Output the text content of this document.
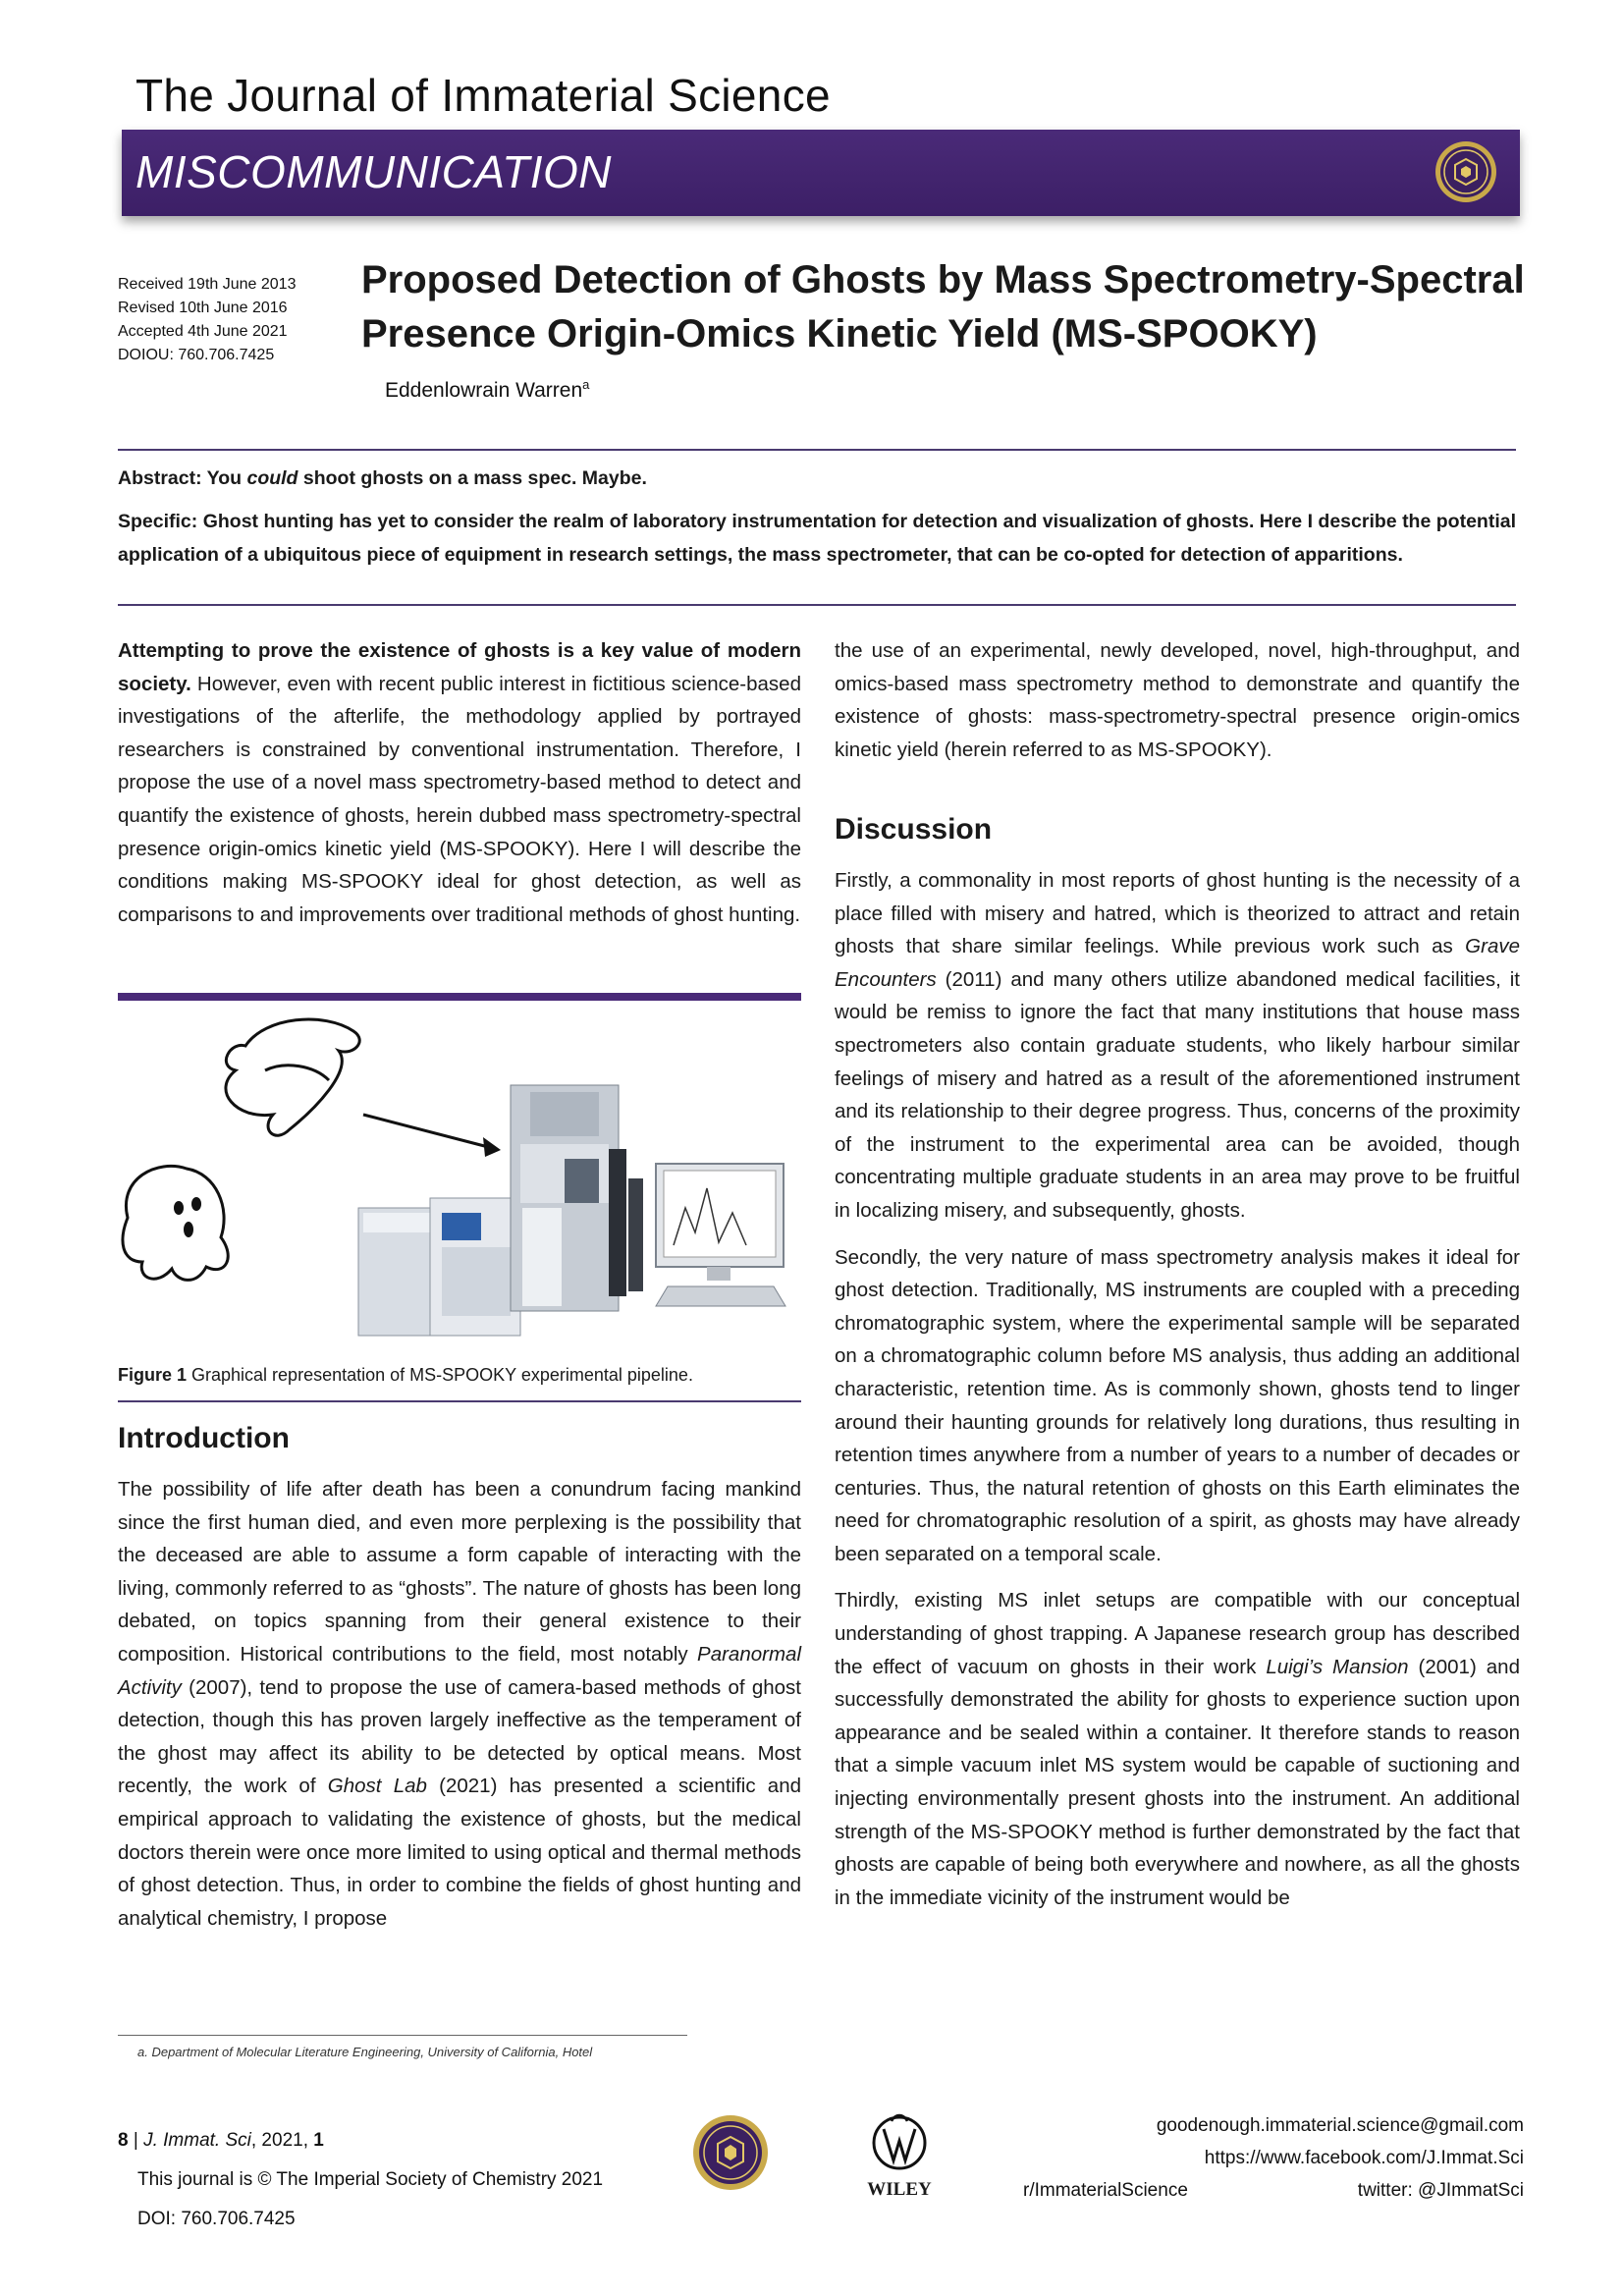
The Journal of Immaterial Science
MISCOMMUNICATION
Received 19th June 2013
Revised 10th June 2016
Accepted 4th June 2021
DOIOU: 760.706.7425
Proposed Detection of Ghosts by Mass Spectrometry-Spectral
Presence Origin-Omics Kinetic Yield (MS-SPOOKY)
Eddenlowrain Warren$^a$
Abstract: You could shoot ghosts on a mass spec. Maybe.
Specific: Ghost hunting has yet to consider the realm of laboratory instrumentation for detection and visualization of ghosts. Here I describe the potential application of a ubiquitous piece of equipment in research settings, the mass spectrometer, that can be co-opted for detection of apparitions.
Attempting to prove the existence of ghosts is a key value of modern society. However, even with recent public interest in fictitious science-based investigations of the afterlife, the methodology applied by portrayed researchers is constrained by conventional instrumentation. Therefore, I propose the use of a novel mass spectrometry-based method to detect and quantify the existence of ghosts, herein dubbed mass spectrometry-spectral presence origin-omics kinetic yield (MS-SPOOKY). Here I will describe the conditions making MS-SPOOKY ideal for ghost detection, as well as comparisons to and improvements over traditional methods of ghost hunting.
Figure 1 Graphical representation of MS-SPOOKY experimental pipeline.
Introduction
The possibility of life after death has been a conundrum facing mankind since the first human died, and even more perplexing is the possibility that the deceased are able to assume a form capable of interacting with the living, commonly referred to as “ghosts”. The nature of ghosts has been long debated, on topics spanning from their general existence to their composition. Historical contributions to the field, most notably Paranormal Activity (2007), tend to propose the use of camera-based methods of ghost detection, though this has proven largely ineffective as the temperament of the ghost may affect its ability to be detected by optical means. Most recently, the work of Ghost Lab (2021) has presented a scientific and empirical approach to validating the existence of ghosts, but the medical doctors therein were once more limited to using optical and thermal methods of ghost detection. Thus, in order to combine the fields of ghost hunting and analytical chemistry, I propose
a. Department of Molecular Literature Engineering, University of California, Hotel
the use of an experimental, newly developed, novel, high-throughput, and omics-based mass spectrometry method to demonstrate and quantify the existence of ghosts: mass-spectrometry-spectral presence origin-omics kinetic yield (herein referred to as MS-SPOOKY).
Discussion

Firstly, a commonality in most reports of ghost hunting is the necessity of a place filled with misery and hatred, which is theorized to attract and retain ghosts that share similar feelings. While previous work such as Grave Encounters (2011) and many others utilize abandoned medical facilities, it would be remiss to ignore the fact that many institutions that house mass spectrometers also contain graduate students, who likely harbour similar feelings of misery and hatred as a result of the aforementioned instrument and its relationship to their degree progress. Thus, concerns of the proximity of the instrument to the experimental area can be avoided, though concentrating multiple graduate students in an area may prove to be fruitful in localizing misery, and subsequently, ghosts.

Secondly, the very nature of mass spectrometry analysis makes it ideal for ghost detection. Traditionally, MS instruments are coupled with a preceding chromatographic system, where the experimental sample will be separated on a chromatographic column before MS analysis, thus adding an additional characteristic, retention time. As is commonly shown, ghosts tend to linger around their haunting grounds for relatively long durations, thus resulting in retention times anywhere from a number of years to a number of decades or centuries. Thus, the natural retention of ghosts on this Earth eliminates the need for chromatographic resolution of a spirit, as ghosts may have already been separated on a temporal scale.

Thirdly, existing MS inlet setups are compatible with our conceptual understanding of ghost trapping. A Japanese research group has described the effect of vacuum on ghosts in their work Luigi’s Mansion (2001) and successfully demonstrated the ability for ghosts to experience suction upon appearance and be sealed within a container. It therefore stands to reason that a simple vacuum inlet MS system would be capable of suctioning and injecting environmentally present ghosts into the instrument. An additional strength of the MS-SPOOKY method is further demonstrated by the fact that ghosts are capable of being both everywhere and nowhere, as all the ghosts in the immediate vicinity of the instrument would be

8 | J. Immat. Sci, 2021, 1
This journal is © The Imperial Society of Chemistry 2021
DOI: 760.706.7425
WILEY
goodenough.immaterial.science@gmail.com
https://www.facebook.com/J.Immat.Sci
r/ImmaterialScience	twitter: @JImmatSci
